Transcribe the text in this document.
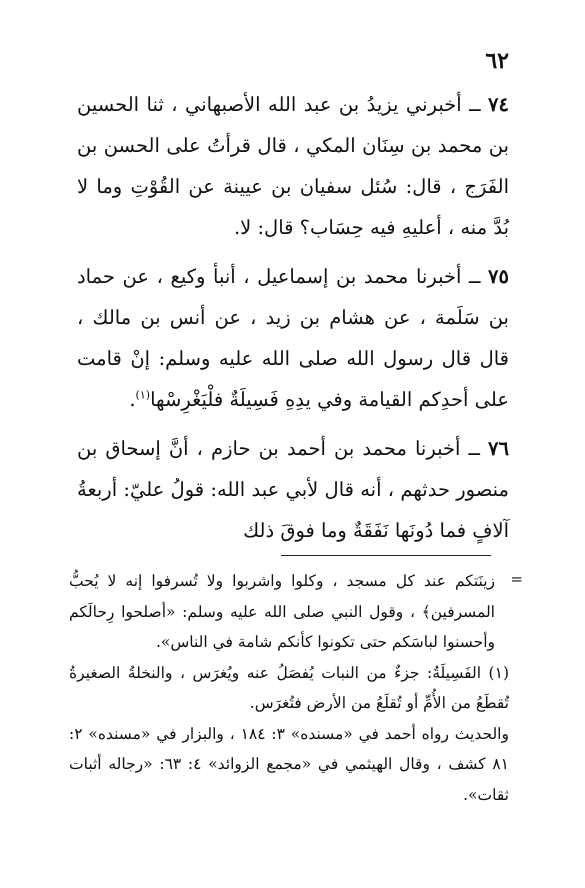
٦٢

٧٤ ــ أخبرني يزيدُ بن عبد الله الأصبهاني ، ثنا الحسين بن محمد بن سِنَان المكي ، قال قرأتُ على الحسن بن الفَرَج ، قال: سُئل سفيان بن عيينة عن القُوْتِ وما لا بُدَّ منه ، أعليهِ فيه حِسَاب؟ قال: لا.

٧٥ ــ أخبرنا محمد بن إسماعيل ، أنبأ وكيع ، عن حماد بن سَلَمة ، عن هشام بن زيد ، عن أنس بن مالك ، قال قال رسول الله صلى الله عليه وسلم: إنْ قامت على أحدِكم القيامة وفي يدِهِ فَسِيلَةٌ فلْيَغْرِسْها$^{(١)}$.

٧٦ ــ أخبرنا محمد بن أحمد بن حازم ، أنَّ إسحاق بن منصور حدثهم ، أنه قال لأبي عبد الله: قولُ عليّ: أربعةُ آلافٍ فما دُونَها نَفَقَةٌ وما فوقَ ذلك

=

زينَتكم عند كل مسجد ، وكلوا واشربوا ولا تُسرفوا إنه لا يُحبُّ المسرفين﴾ ، وقول النبي صلى الله عليه وسلم: «أصلحوا رِحالَكم وأحسنوا لباسَكم حتى تكونوا كأنكم شامة في الناس».

(١) الفَسِيلَةُ: جزءٌ من النبات يُفصَلُ عنه ويُغرَس ، والنخلةُ الصغيرةُ تُقطَعُ من الأُمِّ أو تُقلَعُ من الأرض فتُغرَس.

والحديث رواه أحمد في «مسنده» ٣: ١٨٤ ، والبزار في «مسنده» ٢: ٨١ كشف ، وقال الهيثمي في «مجمع الزوائد» ٤: ٦٣: «رجاله أثبات ثقات».
